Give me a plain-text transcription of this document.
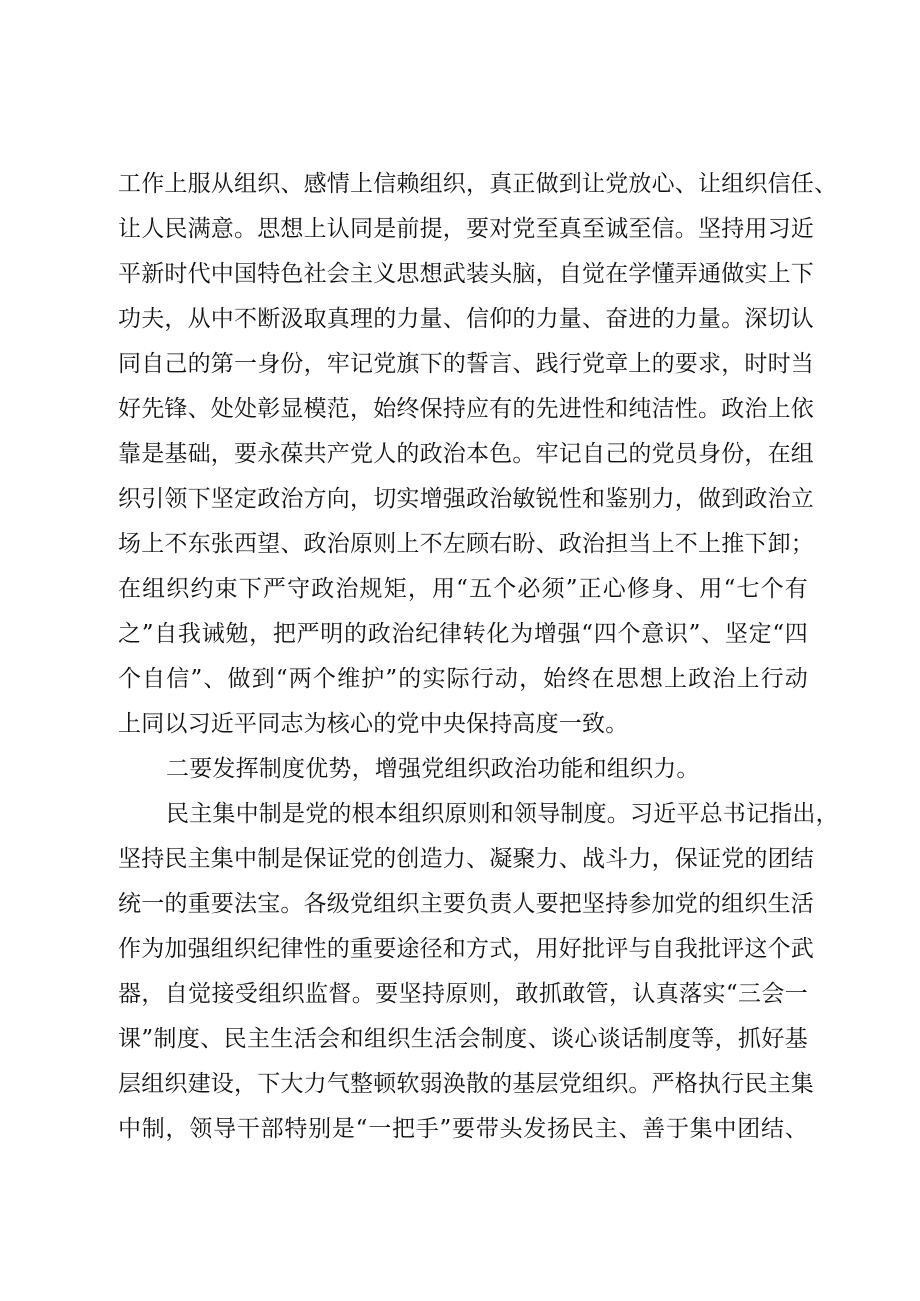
工作上服从组织、感情上信赖组织，真正做到让党放心、让组织信任、
让人民满意。思想上认同是前提，要对党至真至诚至信。坚持用习近
平新时代中国特色社会主义思想武装头脑，自觉在学懂弄通做实上下
功夫，从中不断汲取真理的力量、信仰的力量、奋进的力量。深切认
同自己的第一身份，牢记党旗下的誓言、践行党章上的要求，时时当
好先锋、处处彰显模范，始终保持应有的先进性和纯洁性。政治上依
靠是基础，要永葆共产党人的政治本色。牢记自己的党员身份，在组
织引领下坚定政治方向，切实增强政治敏锐性和鉴别力，做到政治立
场上不东张西望、政治原则上不左顾右盼、政治担当上不上推下卸；
在组织约束下严守政治规矩，用“五个必须”正心修身、用“七个有
之”自我诫勉，把严明的政治纪律转化为增强“四个意识”、坚定“四
个自信”、做到“两个维护”的实际行动，始终在思想上政治上行动
上同以习近平同志为核心的党中央保持高度一致。
二要发挥制度优势，增强党组织政治功能和组织力。
民主集中制是党的根本组织原则和领导制度。习近平总书记指出，
坚持民主集中制是保证党的创造力、凝聚力、战斗力，保证党的团结
统一的重要法宝。各级党组织主要负责人要把坚持参加党的组织生活
作为加强组织纪律性的重要途径和方式，用好批评与自我批评这个武
器，自觉接受组织监督。要坚持原则，敢抓敢管，认真落实“三会一
课”制度、民主生活会和组织生活会制度、谈心谈话制度等，抓好基
层组织建设，下大力气整顿软弱涣散的基层党组织。严格执行民主集
中制，领导干部特别是“一把手”要带头发扬民主、善于集中团结、
